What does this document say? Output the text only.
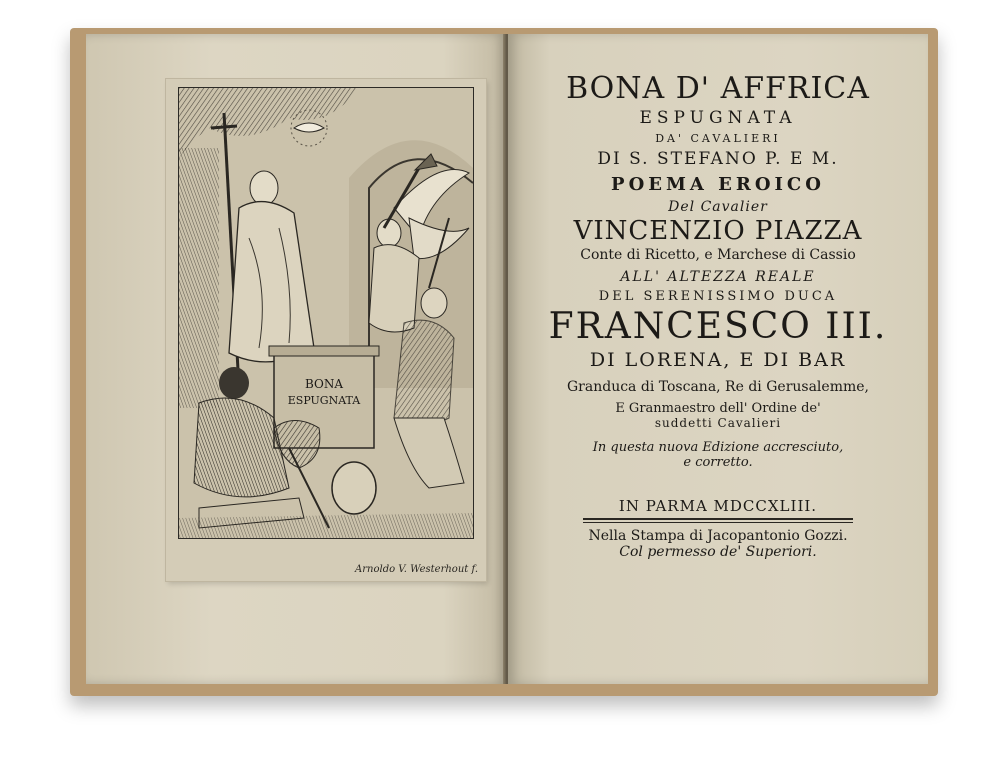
BONA
ESPUGNATA
Arnoldo V. Westerhout f.
BONA D' AFFRICA
ESPUGNATA
DA' CAVALIERI
DI S. STEFANO P. E M.
POEMA EROICO
Del Cavalier
VINCENZIO PIAZZA
Conte di Ricetto, e Marchese di Cassio
ALL' ALTEZZA REALE
DEL SERENISSIMO DUCA
FRANCESCO III.
DI LORENA, E DI BAR
Granduca di Toscana, Re di Gerusalemme,
E Granmaestro dell' Ordine de'
suddetti Cavalieri
In questa nuova Edizione accresciuto,
e corretto.
IN PARMA MDCCXLIII.
Nella Stampa di Jacopantonio Gozzi.
Col permesso de' Superiori.
